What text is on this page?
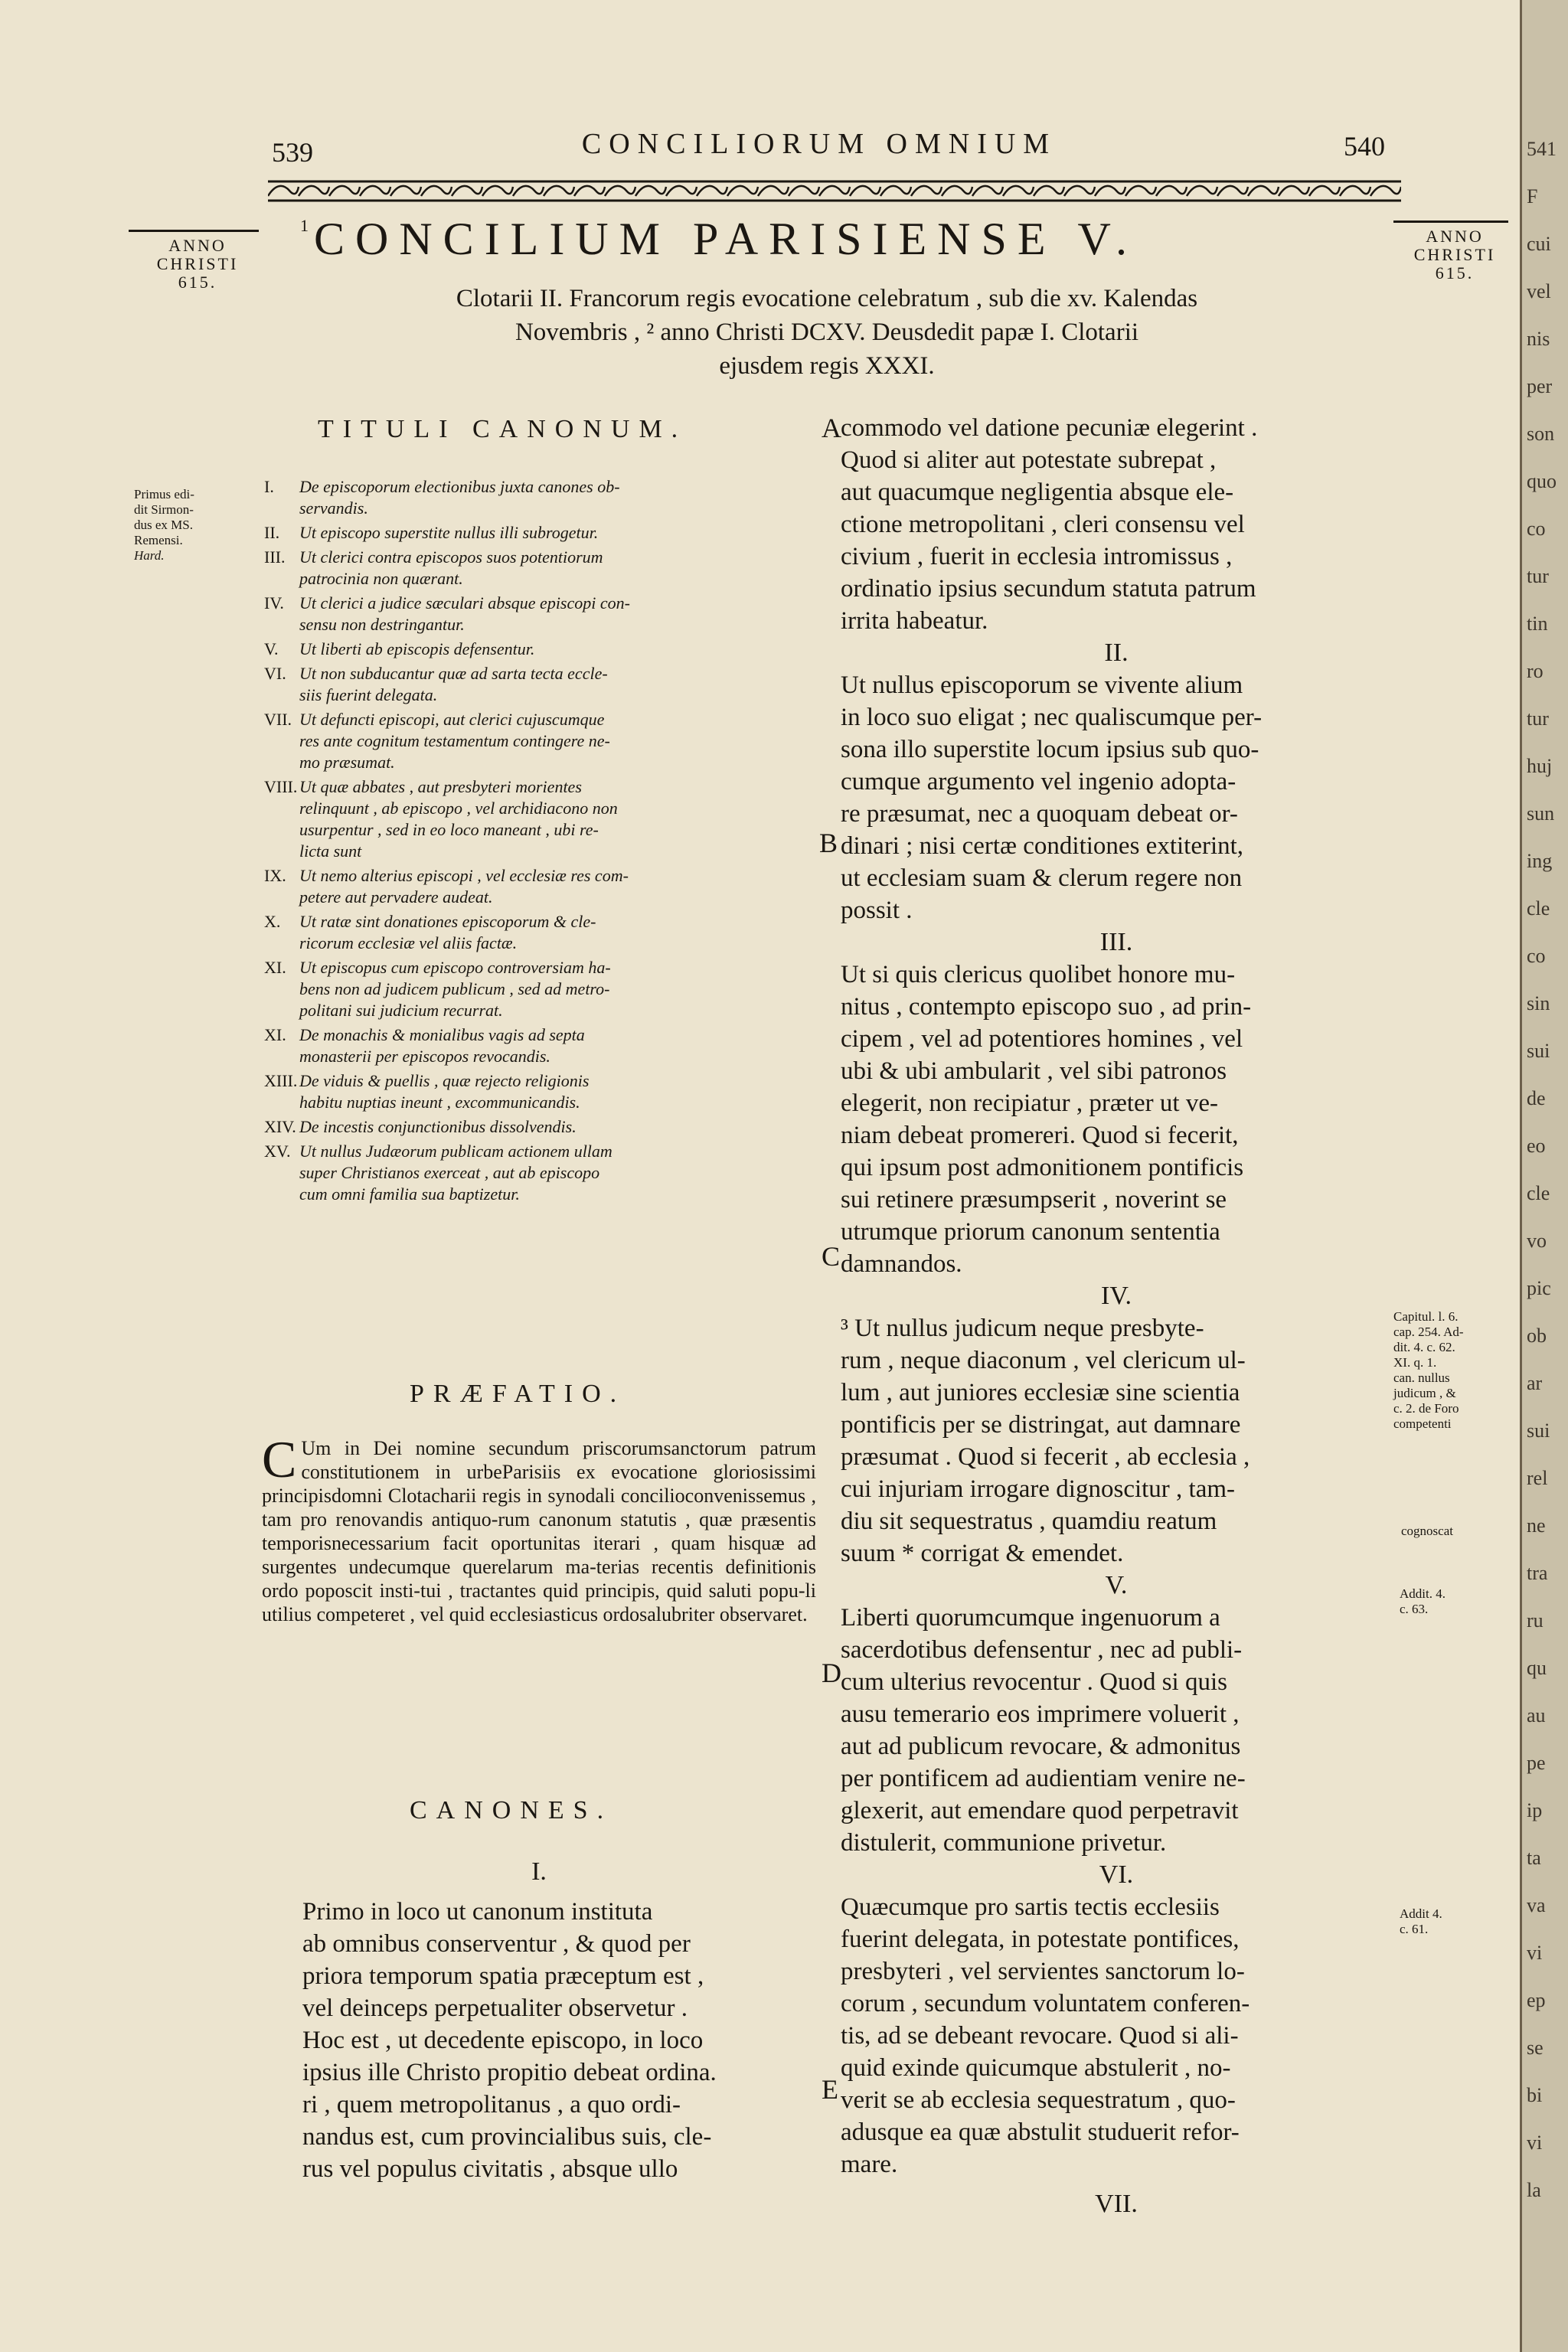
539	CONCILIORUM OMNIUM	540
ANNO
CHRISTI
615.
ANNO
CHRISTI
615.
1 CONCILIUM PARISIENSE V.
Clotarii II. Francorum regis evocatione celebratum , sub die xv. Kalendas
Novembris , ² anno Christi DCXV. Deusdedit papæ I. Clotarii
ejusdem regis XXXI.
Primus edi-
dit Sirmon-
dus ex MS.
Remensi.
Hard.
TITULI CANONUM.
I. De episcoporum electionibus juxta canones ob-
servandis.
II. Ut episcopo superstite nullus illi subrogetur.
III. Ut clerici contra episcopos suos potentiorum
patrocinia non quærant.
IV. Ut clerici a judice sæculari absque episcopi con-
sensu non destringantur.
V. Ut liberti ab episcopis defensentur.
VI. Ut non subducantur quæ ad sarta tecta eccle-
siis fuerint delegata.
VII. Ut defuncti episcopi, aut clerici cujuscumque
res ante cognitum testamentum contingere ne-
mo præsumat.
VIII. Ut quæ abbates , aut presbyteri morientes
relinquunt , ab episcopo , vel archidiacono non
usurpentur , sed in eo loco maneant , ubi re-
licta sunt
IX. Ut nemo alterius episcopi , vel ecclesiæ res com-
petere aut pervadere audeat.
X. Ut ratæ sint donationes episcoporum & cle-
ricorum ecclesiæ vel aliis factæ.
XI. Ut episcopus cum episcopo controversiam ha-
bens non ad judicem publicum , sed ad metro-
politani sui judicium recurrat.
XI. De monachis & monialibus vagis ad septa
monasterii per episcopos revocandis.
XIII. De viduis & puellis , quæ rejecto religionis
habitu nuptias ineunt , excommunicandis.
XIV. De incestis conjunctionibus dissolvendis.
XV. Ut nullus Judæorum publicam actionem ullam
super Christianos exerceat , aut ab episcopo
cum omni familia sua baptizetur.
PRÆFATIO.
C Um in Dei nomine secundum priscorumsanctorum patrum constitutionem in urbeParisiis ex evocatione gloriosissimi principisdomni Clotacharii regis in synodali concilioconvenissemus , tam pro renovandis antiquo-rum canonum statutis , quæ præsentis temporisnecessarium facit oportunitas iterari , quam hisquæ ad surgentes undecumque querelarum ma-terias recentis definitionis ordo poposcit insti-tui , tractantes quid principis, quid saluti popu-li utilius competeret , vel quid ecclesiasticus ordosalubriter observaret.
CANONES.
I.
Primo in loco ut canonum instituta
ab omnibus conserventur , & quod per
priora temporum spatia præceptum est ,
vel deinceps perpetualiter observetur .
Hoc est , ut decedente episcopo, in loco
ipsius ille Christo propitio debeat ordina.
ri , quem metropolitanus , a quo ordi-
nandus est, cum provincialibus suis, cle-
rus vel populus civitatis , absque ullo
A
B
C
D
E
commodo vel datione pecuniæ elegerint .
Quod si aliter aut potestate subrepat ,
aut quacumque negligentia absque ele-
ctione metropolitani , cleri consensu vel
civium , fuerit in ecclesia intromissus ,
ordinatio ipsius secundum statuta patrum
irrita habeatur.
II.
Ut nullus episcoporum se vivente alium
in loco suo eligat ; nec qualiscumque per-
sona illo superstite locum ipsius sub quo-
cumque argumento vel ingenio adopta-
re præsumat, nec a quoquam debeat or-
dinari ; nisi certæ conditiones extiterint,
ut ecclesiam suam & clerum regere non
possit .
III.
Ut si quis clericus quolibet honore mu-
nitus , contempto episcopo suo , ad prin-
cipem , vel ad potentiores homines , vel
ubi & ubi ambularit , vel sibi patronos
elegerit, non recipiatur , præter ut ve-
niam debeat promereri. Quod si fecerit,
qui ipsum post admonitionem pontificis
sui retinere præsumpserit , noverint se
utrumque priorum canonum sententia
damnandos.
IV.
³ Ut nullus judicum neque presbyte-
rum , neque diaconum , vel clericum ul-
lum , aut juniores ecclesiæ sine scientia
pontificis per se distringat, aut damnare
præsumat . Quod si fecerit , ab ecclesia ,
cui injuriam irrogare dignoscitur , tam-
diu sit sequestratus , quamdiu reatum
suum * corrigat & emendet.
V.
Liberti quorumcumque ingenuorum a
sacerdotibus defensentur , nec ad publi-
cum ulterius revocentur . Quod si quis
ausu temerario eos imprimere voluerit ,
aut ad publicum revocare, & admonitus
per pontificem ad audientiam venire ne-
glexerit, aut emendare quod perpetravit
distulerit, communione privetur.
VI.
Quæcumque pro sartis tectis ecclesiis
fuerint delegata, in potestate pontifices,
presbyteri , vel servientes sanctorum lo-
corum , secundum voluntatem conferen-
tis, ad se debeant revocare. Quod si ali-
quid exinde quicumque abstulerit , no-
verit se ab ecclesia sequestratum , quo-
adusque ea quæ abstulit studuerit refor-
mare.
VII.
Capitul. l. 6.
cap. 254. Ad-
dit. 4. c. 62.
XI. q. 1.
can. nullus
judicum , &
c. 2. de Foro
competenti
cognoscat
Addit. 4.
c. 63.
Addit 4.
c. 61.
541
F
cui
vel
nis
per
son
quo
co
tur
tin
ro
tur
huj
sun
ing
cle
co
sin
sui
de
eo
cle
vo
pic
ob
ar
sui
rel
ne
tra
ru
qu
au
pe
ip
ta
va
vi
ep
se
bi
vi
la
